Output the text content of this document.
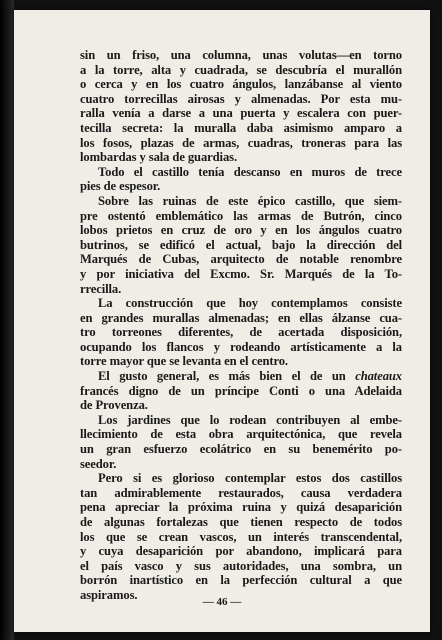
sin un friso, una columna, unas volutas—en torno
a la torre, alta y cuadrada, se descubría el murallón
o cerca y en los cuatro ángulos, lanzábanse al viento
cuatro torrecillas airosas y almenadas. Por esta mu-
ralla venía a darse a una puerta y escalera con puer-
tecilla secreta: la muralla daba asimismo amparo a
los fosos, plazas de armas, cuadras, troneras para las
lombardas y sala de guardias.
Todo el castillo tenía descanso en muros de trece
pies de espesor.
Sobre las ruinas de este épico castillo, que siem-
pre ostentó emblemático las armas de Butrón, cinco
lobos prietos en cruz de oro y en los ángulos cuatro
butrinos, se edificó el actual, bajo la dirección del
Marqués de Cubas, arquitecto de notable renombre
y por iniciativa del Excmo. Sr. Marqués de la To-
rrecilla.
La construcción que hoy contemplamos consiste
en grandes murallas almenadas; en ellas álzanse cua-
tro torreones diferentes, de acertada disposición,
ocupando los flancos y rodeando artísticamente a la
torre mayor que se levanta en el centro.
El gusto general, es más bien el de un chateaux
francés digno de un príncipe Conti o una Adelaida
de Provenza.
Los jardines que lo rodean contribuyen al embe-
llecimiento de esta obra arquitectónica, que revela
un gran esfuerzo ecolátrico en su benemérito po-
seedor.
Pero si es glorioso contemplar estos dos castillos
tan admirablemente restaurados, causa verdadera
pena apreciar la próxima ruina y quizá desaparición
de algunas fortalezas que tienen respecto de todos
los que se crean vascos, un interés transcendental,
y cuya desaparición por abandono, implicará para
el país vasco y sus autoridades, una sombra, un
borrón inartístico en la perfección cultural a que
aspiramos.
— 46 —
